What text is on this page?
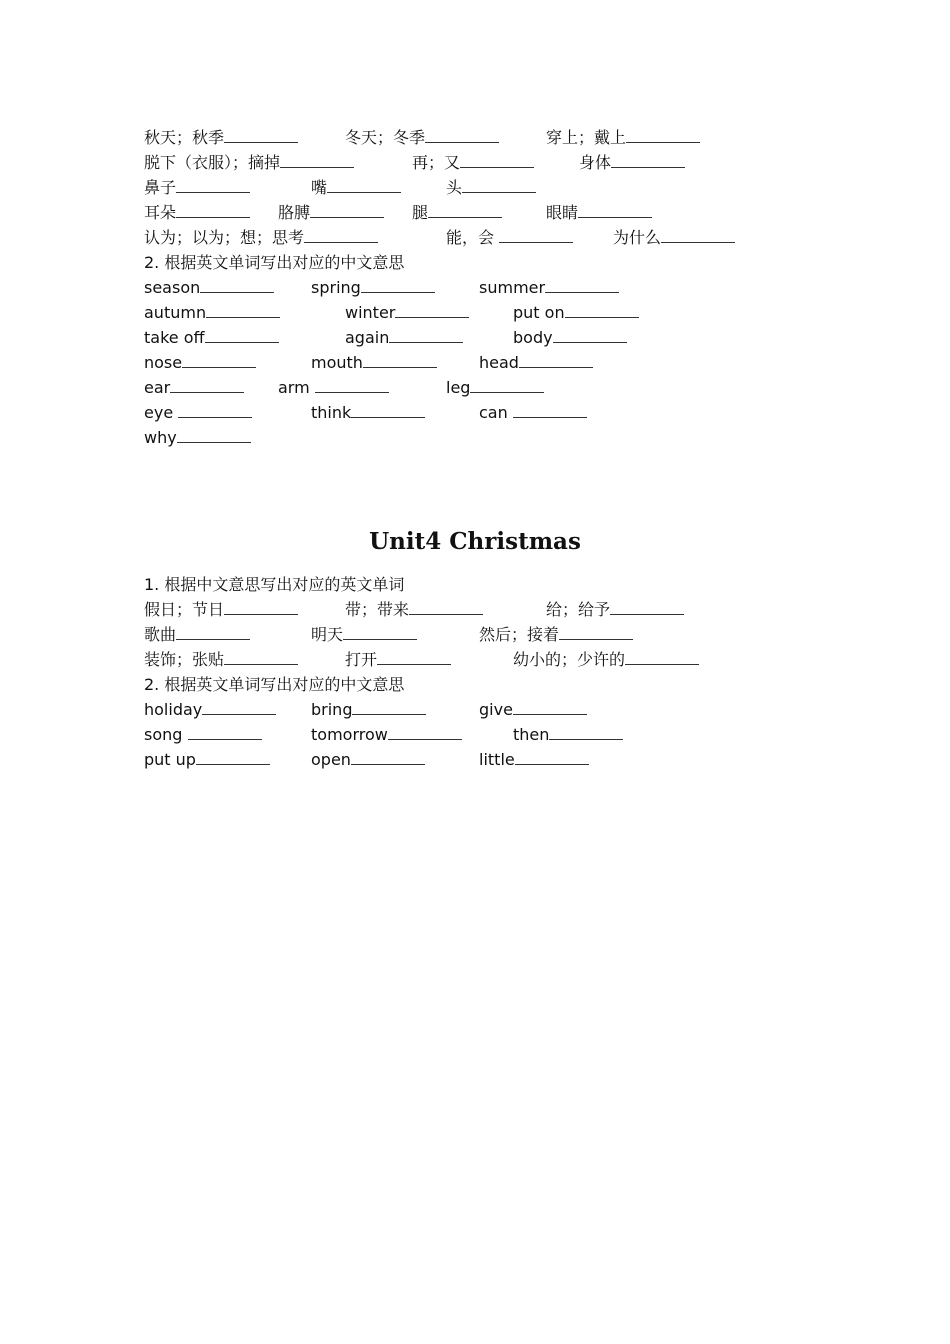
秋天；秋季	冬天；冬季	穿上；戴上
脱下（衣服）；摘掉	再；又	身体
鼻子	嘴	头
耳朵	胳膊	腿	眼睛
认为；以为；想；思考	能，会	为什么
2. 根据英文单词写出对应的中文意思
season	spring	summer
autumn	winter	put on
take off	again	body
nose	mouth	head
ear	arm	leg
eye	think	can
why
Unit4 Christmas
1. 根据中文意思写出对应的英文单词
假日；节日	带；带来	给；给予
歌曲	明天	然后；接着
装饰；张贴	打开	幼小的；少许的
2. 根据英文单词写出对应的中文意思
holiday	bring	give
song	tomorrow	then
put up	open	little
